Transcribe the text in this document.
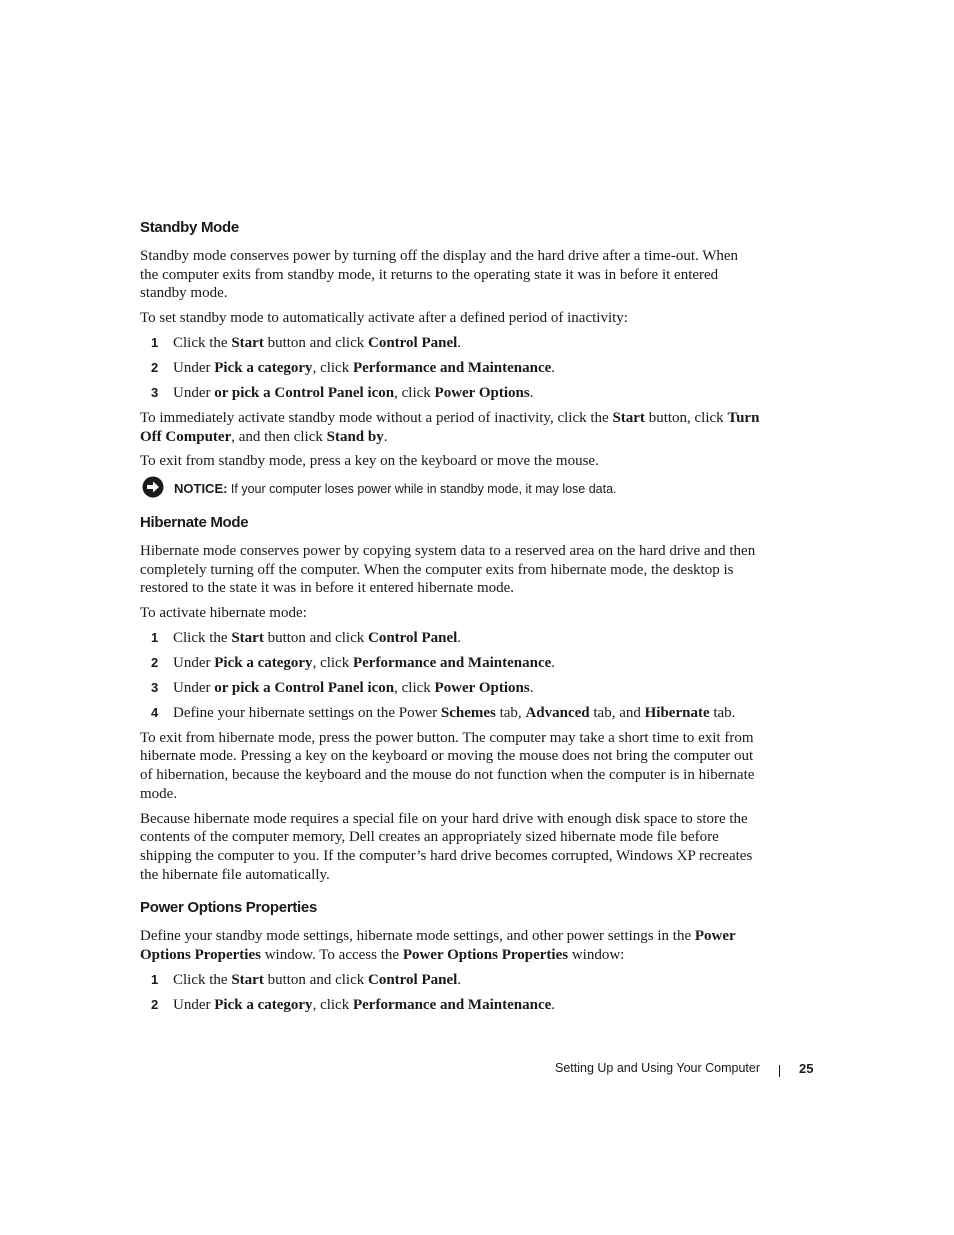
Standby Mode

Standby mode conserves power by turning off the display and the hard drive after a time-out. When the computer exits from standby mode, it returns to the operating state it was in before it entered standby mode.

To set standby mode to automatically activate after a defined period of inactivity:

1 Click the Start button and click Control Panel.
2 Under Pick a category, click Performance and Maintenance.
3 Under or pick a Control Panel icon, click Power Options.

To immediately activate standby mode without a period of inactivity, click the Start button, click Turn Off Computer, and then click Stand by.

To exit from standby mode, press a key on the keyboard or move the mouse.

NOTICE: If your computer loses power while in standby mode, it may lose data.
Hibernate Mode

Hibernate mode conserves power by copying system data to a reserved area on the hard drive and then completely turning off the computer. When the computer exits from hibernate mode, the desktop is restored to the state it was in before it entered hibernate mode.

To activate hibernate mode:

1 Click the Start button and click Control Panel.
2 Under Pick a category, click Performance and Maintenance.
3 Under or pick a Control Panel icon, click Power Options.
4 Define your hibernate settings on the Power Schemes tab, Advanced tab, and Hibernate tab.

To exit from hibernate mode, press the power button. The computer may take a short time to exit from hibernate mode. Pressing a key on the keyboard or moving the mouse does not bring the computer out of hibernation, because the keyboard and the mouse do not function when the computer is in hibernate mode.

Because hibernate mode requires a special file on your hard drive with enough disk space to store the contents of the computer memory, Dell creates an appropriately sized hibernate mode file before shipping the computer to you. If the computer’s hard drive becomes corrupted, Windows XP recreates the hibernate file automatically.

Power Options Properties

Define your standby mode settings, hibernate mode settings, and other power settings in the Power Options Properties window. To access the Power Options Properties window:

1 Click the Start button and click Control Panel.
2 Under Pick a category, click Performance and Maintenance.
Setting Up and Using Your Computer	25
